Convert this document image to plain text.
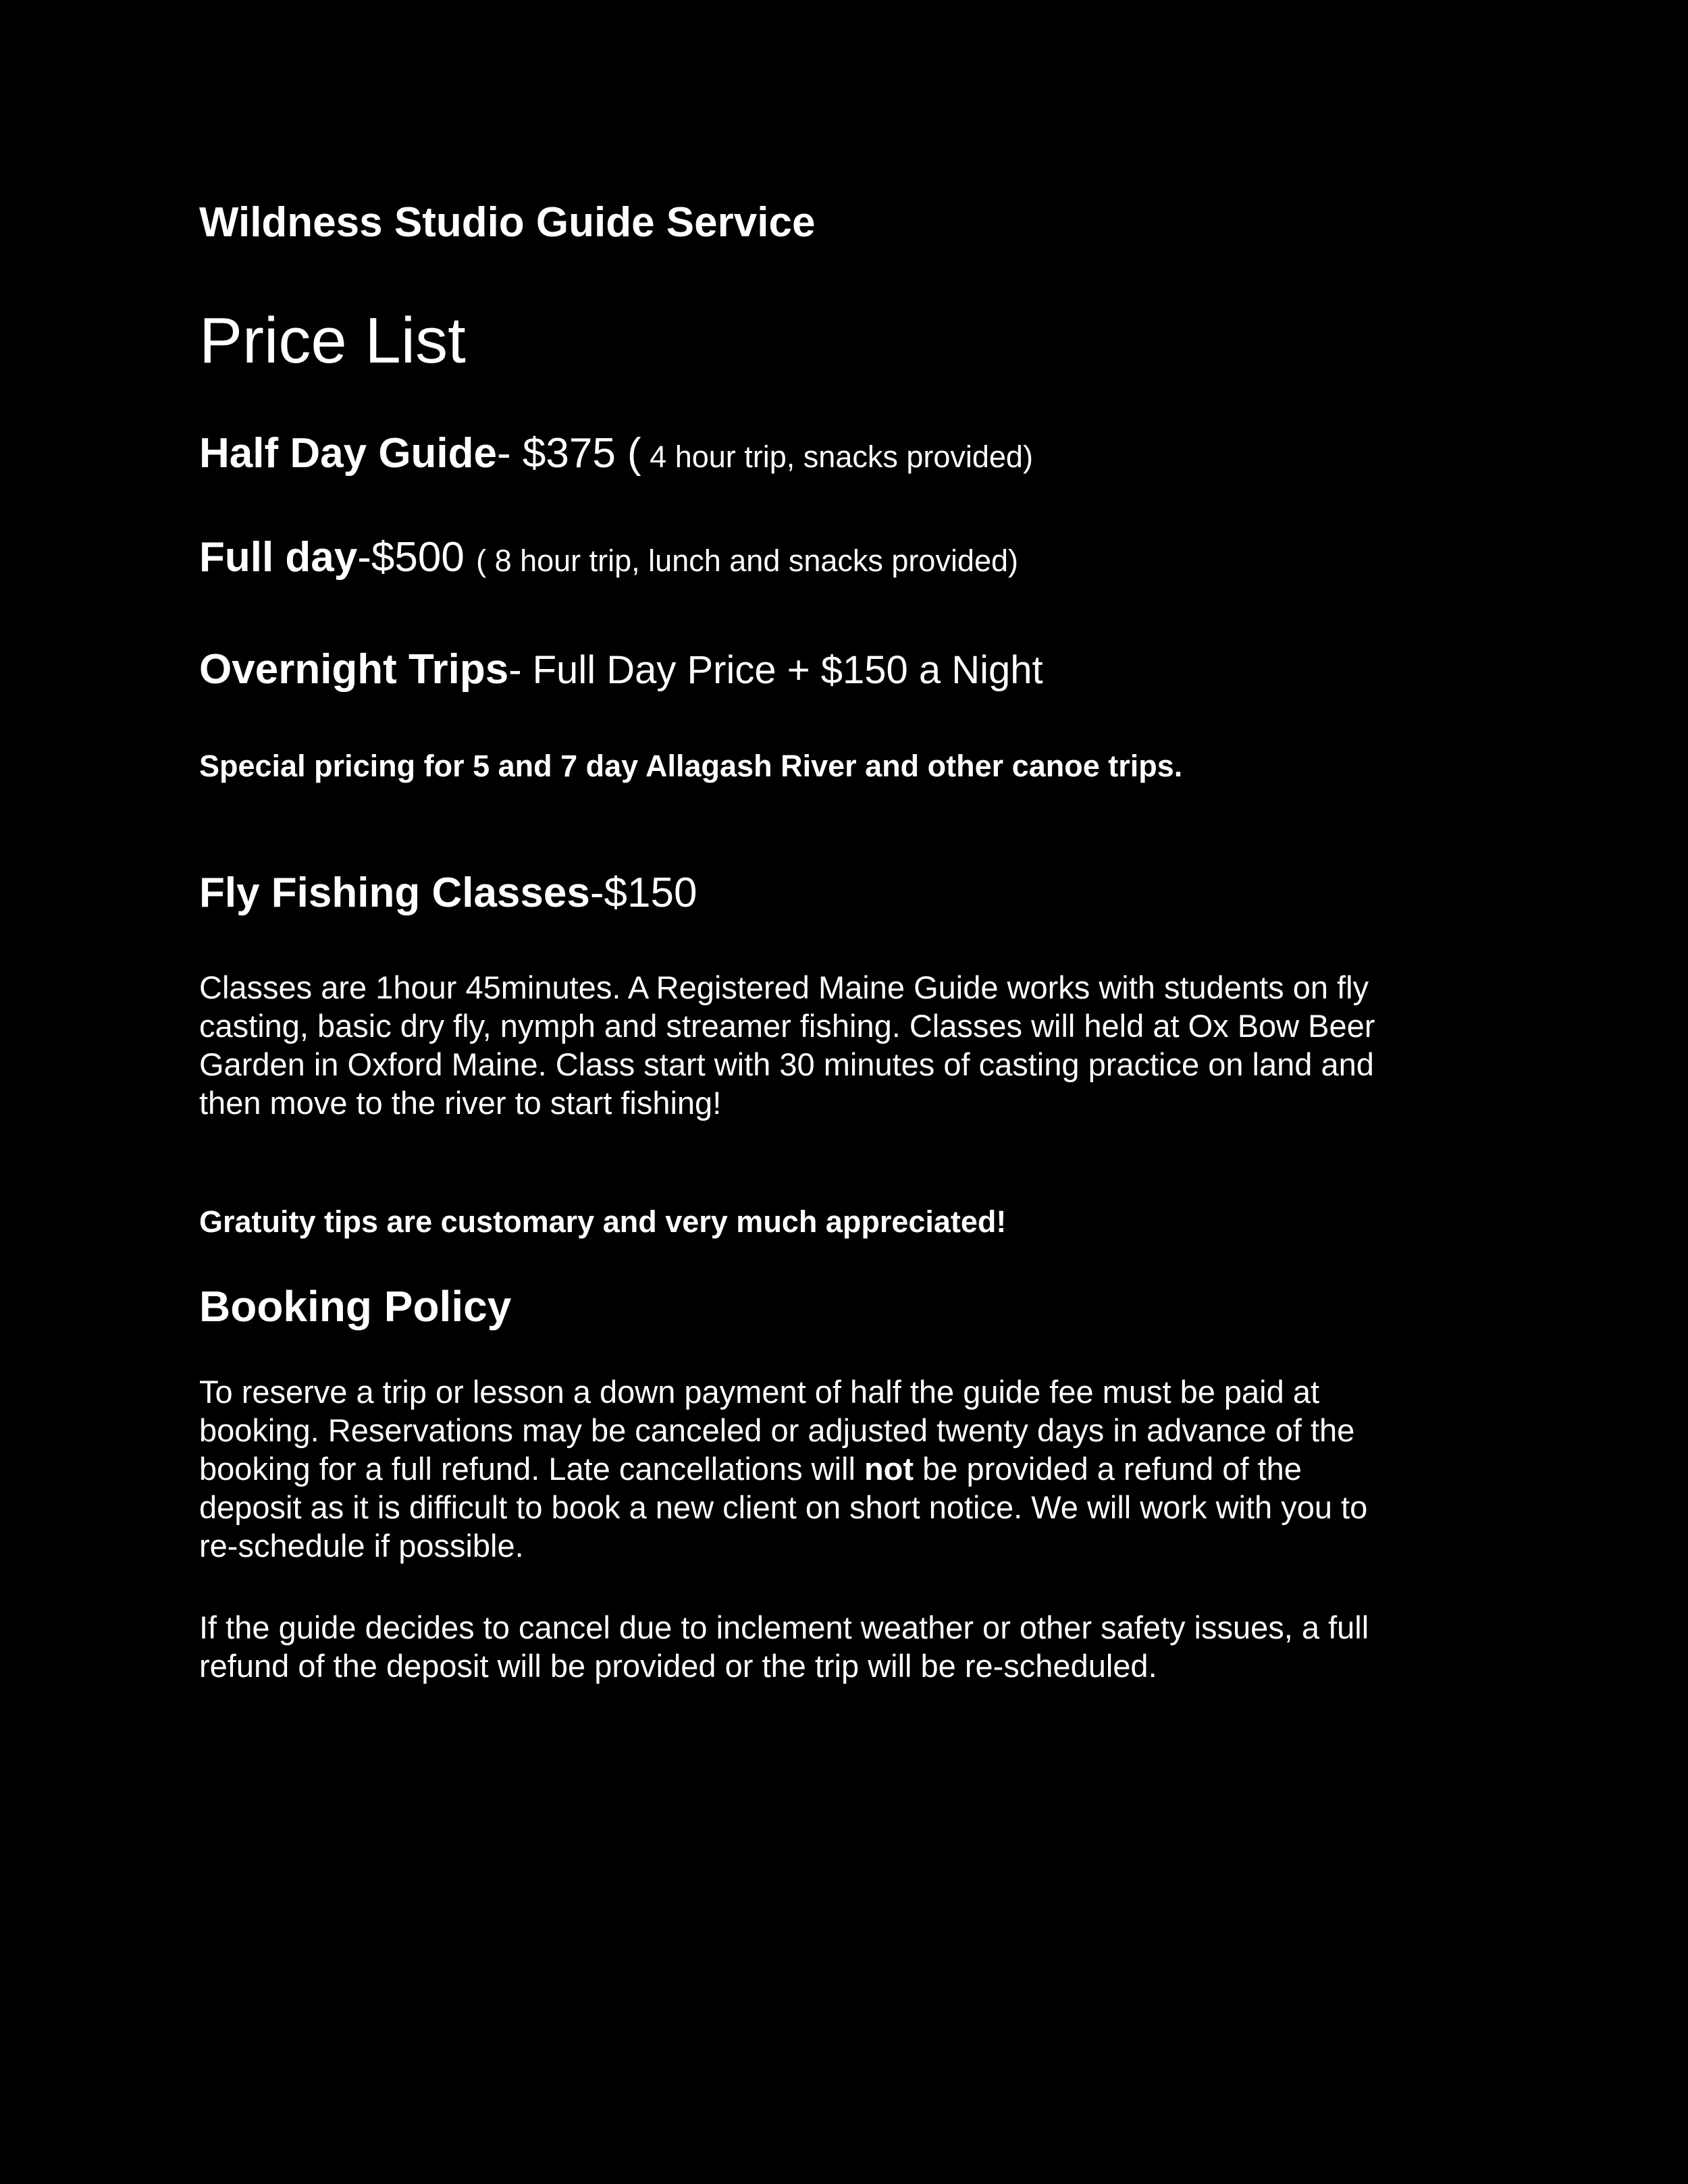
Wildness Studio Guide Service
Price List
Half Day Guide- $375 ( 4 hour trip, snacks provided)
Full day-$500 ( 8 hour trip, lunch and snacks provided)
Overnight Trips- Full Day Price + $150 a Night
Special pricing for 5 and 7 day Allagash River and other canoe trips.
Fly Fishing Classes-$150
Classes are 1hour 45minutes. A Registered Maine Guide works with students on fly
casting, basic dry fly, nymph and streamer fishing. Classes will held at Ox Bow Beer
Garden in Oxford Maine. Class start with 30 minutes of casting practice on land and
then move to the river to start fishing!
Gratuity tips are customary and very much appreciated!
Booking Policy
To reserve a trip or lesson a down payment of half the guide fee must be paid at
booking. Reservations may be canceled or adjusted twenty days in advance of the
booking for a full refund. Late cancellations will not be provided a refund of the
deposit as it is difficult to book a new client on short notice. We will work with you to
re-schedule if possible.
If the guide decides to cancel due to inclement weather or other safety issues, a full
refund of the deposit will be provided or the trip will be re-scheduled.
